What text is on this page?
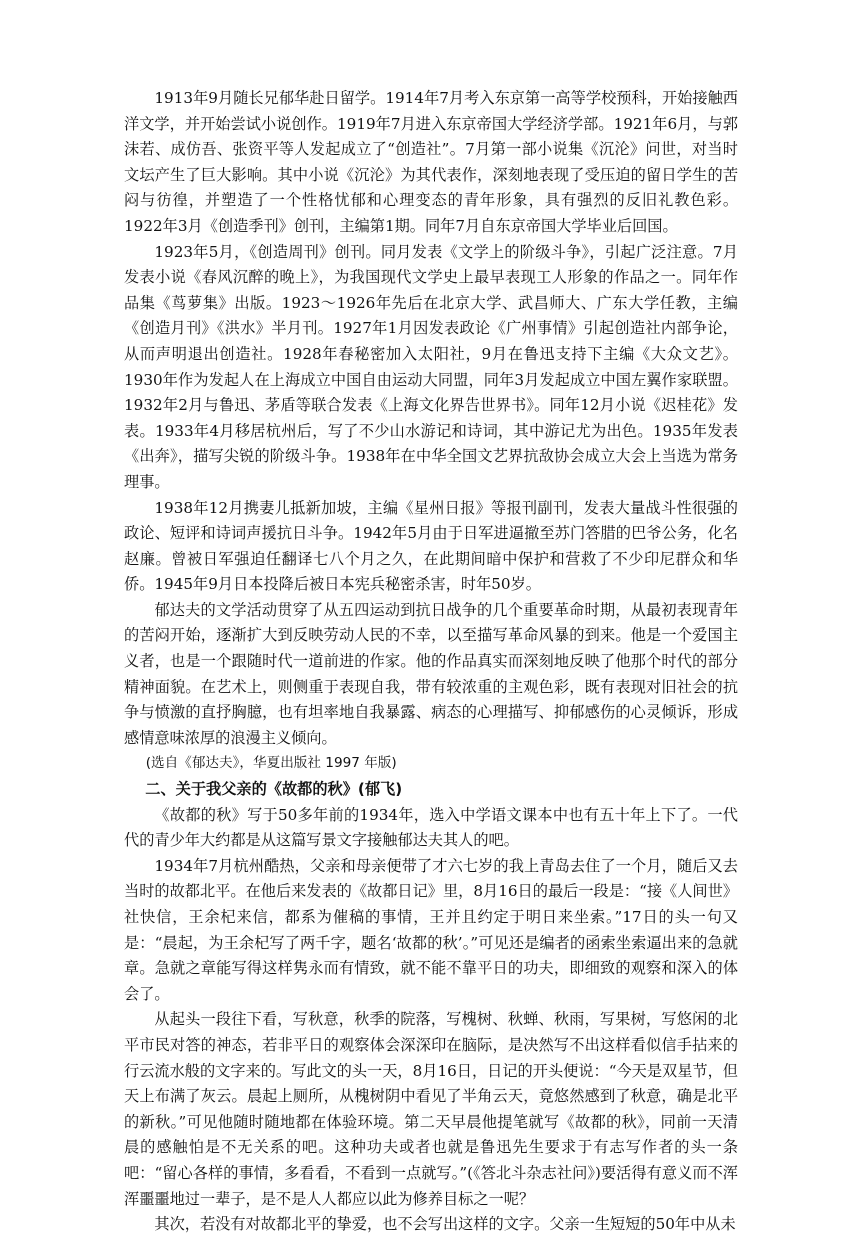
1913年9月随长兄郁华赴日留学。1914年7月考入东京第一高等学校预科，开始接触西洋文学，并开始尝试小说创作。1919年7月进入东京帝国大学经济学部。1921年6月，与郭沫若、成仿吾、张资平等人发起成立了“创造社”。7月第一部小说集《沉沦》问世，对当时文坛产生了巨大影响。其中小说《沉沦》为其代表作，深刻地表现了受压迫的留日学生的苦闷与彷徨，并塑造了一个性格忧郁和心理变态的青年形象，具有强烈的反旧礼教色彩。1922年3月《创造季刊》创刊，主编第1期。同年7月自东京帝国大学毕业后回国。

1923年5月，《创造周刊》创刊。同月发表《文学上的阶级斗争》，引起广泛注意。7月发表小说《春风沉醉的晚上》，为我国现代文学史上最早表现工人形象的作品之一。同年作品集《茑萝集》出版。1923～1926年先后在北京大学、武昌师大、广东大学任教，主编《创造月刊》《洪水》半月刊。1927年1月因发表政论《广州事情》引起创造社内部争论，从而声明退出创造社。1928年春秘密加入太阳社，9月在鲁迅支持下主编《大众文艺》。1930年作为发起人在上海成立中国自由运动大同盟，同年3月发起成立中国左翼作家联盟。1932年2月与鲁迅、茅盾等联合发表《上海文化界告世界书》。同年12月小说《迟桂花》发表。1933年4月移居杭州后，写了不少山水游记和诗词，其中游记尤为出色。1935年发表《出奔》，描写尖锐的阶级斗争。1938年在中华全国文艺界抗敌协会成立大会上当选为常务理事。

1938年12月携妻儿抵新加坡，主编《星州日报》等报刊副刊，发表大量战斗性很强的政论、短评和诗词声援抗日斗争。1942年5月由于日军进逼撤至苏门答腊的巴爷公务，化名赵廉。曾被日军强迫任翻译七八个月之久，在此期间暗中保护和营救了不少印尼群众和华侨。1945年9月日本投降后被日本宪兵秘密杀害，时年50岁。

郁达夫的文学活动贯穿了从五四运动到抗日战争的几个重要革命时期，从最初表现青年的苦闷开始，逐渐扩大到反映劳动人民的不幸，以至描写革命风暴的到来。他是一个爱国主义者，也是一个跟随时代一道前进的作家。他的作品真实而深刻地反映了他那个时代的部分精神面貌。在艺术上，则侧重于表现自我，带有较浓重的主观色彩，既有表现对旧社会的抗争与愤激的直抒胸臆，也有坦率地自我暴露、病态的心理描写、抑郁感伤的心灵倾诉，形成感情意味浓厚的浪漫主义倾向。

(选自《郁达夫》，华夏出版社 1997 年版)

二、关于我父亲的《故都的秋》(郁飞)

《故都的秋》写于50多年前的1934年，选入中学语文课本中也有五十年上下了。一代代的青少年大约都是从这篇写景文字接触郁达夫其人的吧。

1934年7月杭州酷热，父亲和母亲便带了才六七岁的我上青岛去住了一个月，随后又去当时的故都北平。在他后来发表的《故都日记》里，8月16日的最后一段是：“接《人间世》社快信，王余杞来信，都系为催稿的事情，王并且约定于明日来坐索。”17日的头一句又是：“晨起，为王余杞写了两千字，题名‘故都的秋’。”可见还是编者的函索坐索逼出来的急就章。急就之章能写得这样隽永而有情致，就不能不靠平日的功夫，即细致的观察和深入的体会了。

从起头一段往下看，写秋意，秋季的院落，写槐树、秋蝉、秋雨，写果树，写悠闲的北平市民对答的神态，若非平日的观察体会深深印在脑际，是决然写不出这样看似信手拈来的行云流水般的文字来的。写此文的头一天，8月16日，日记的开头便说：“今天是双星节，但天上布满了灰云。晨起上厕所，从槐树阴中看见了半角云天，竟悠然感到了秋意，确是北平的新秋。”可见他随时随地都在体验环境。第二天早晨他提笔就写《故都的秋》，同前一天清晨的感触怕是不无关系的吧。这种功夫或者也就是鲁迅先生要求于有志写作者的头一条吧：“留心各样的事情，多看看，不看到一点就写。”(《答北斗杂志社问》)要活得有意义而不浑浑噩噩地过一辈子，是不是人人都应以此为修养目标之一呢？

其次，若没有对故都北平的挚爱，也不会写出这样的文字。父亲一生短短的50年中从未
